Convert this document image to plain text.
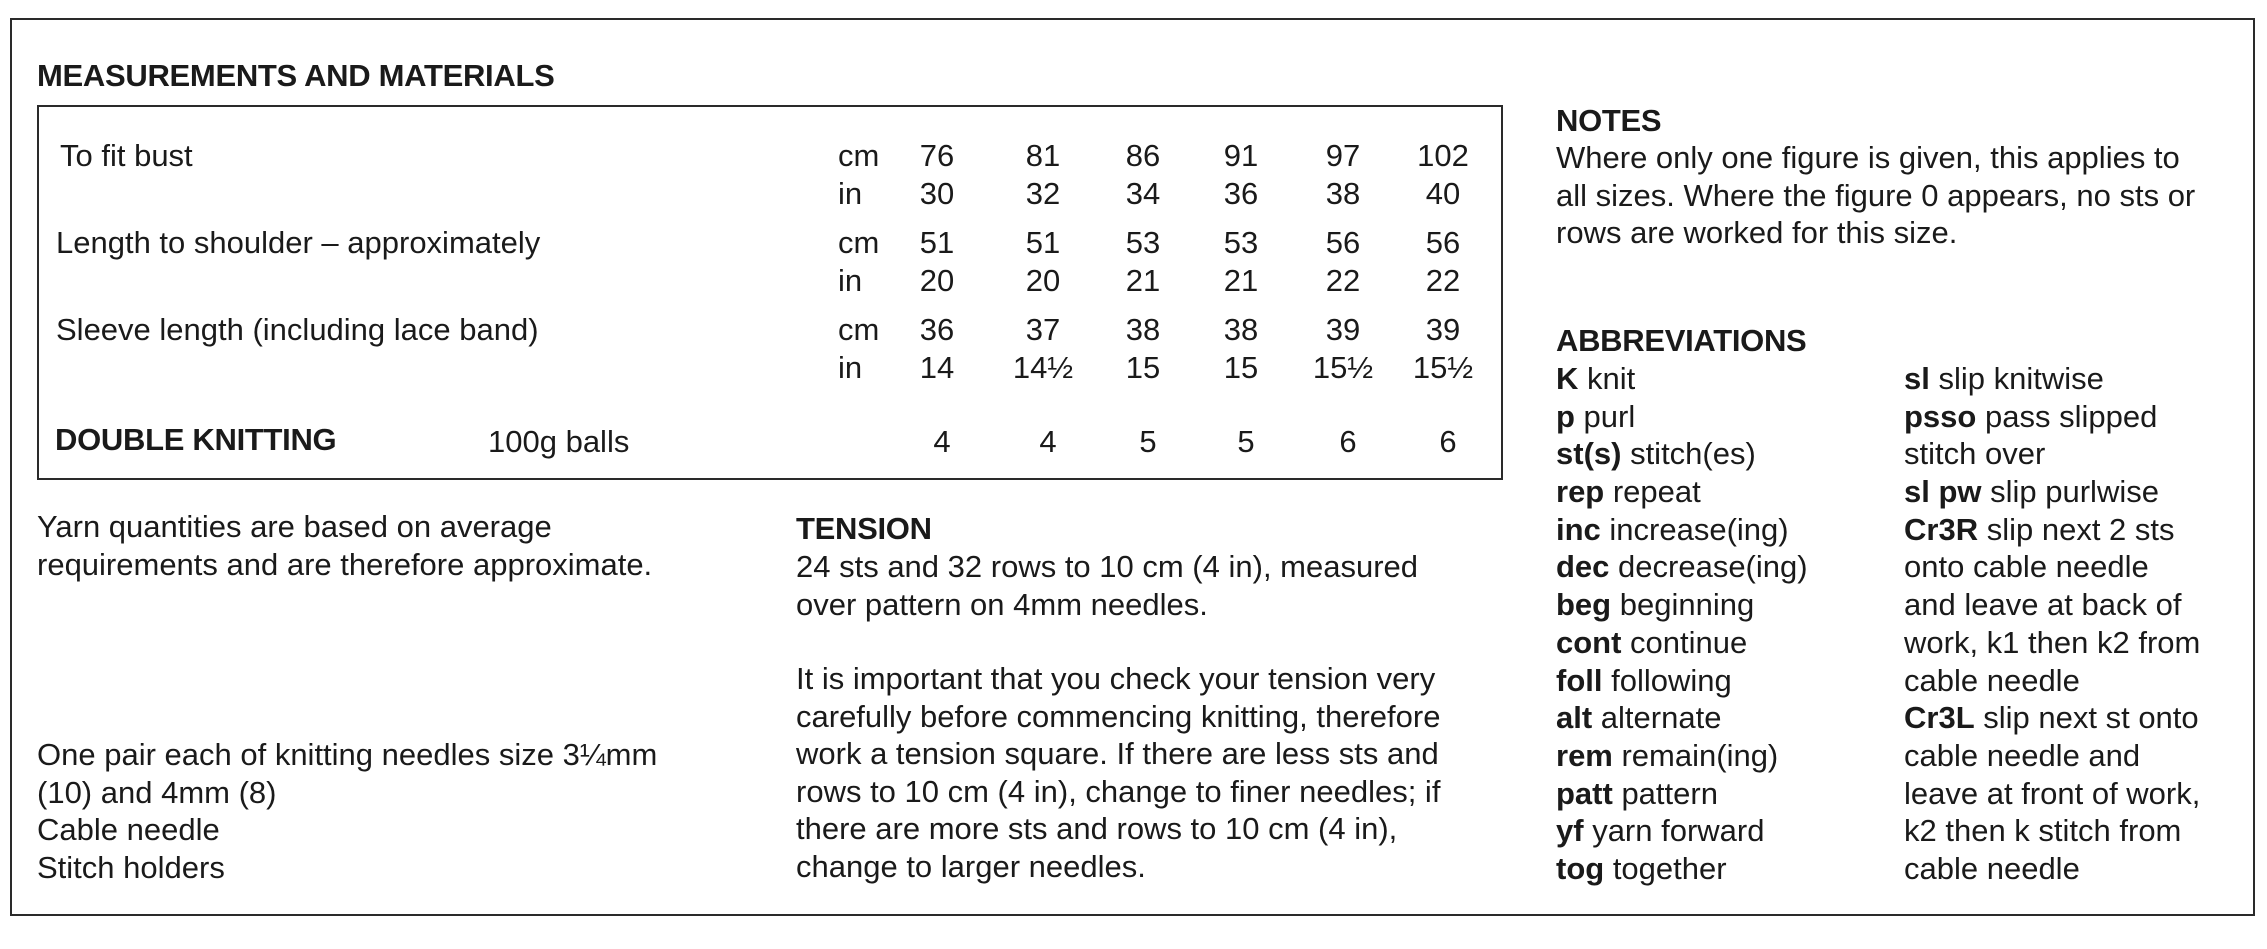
MEASUREMENTS AND MATERIALS
To fit bust	cm	76	81	86	91	97	102
in	30	32	34	36	38	40
Length to shoulder – approximately	cm	51	51	53	53	56	56
in	20	20	21	21	22	22
Sleeve length (including lace band)	cm	36	37	38	38	39	39
in	14	14½	15	15	15½	15½
DOUBLE KNITTING	100g balls	4	4	5	5	6	6
Yarn quantities are based on average
requirements and are therefore approximate.
One pair each of knitting needles size 3¼mm
(10) and 4mm (8)
Cable needle
Stitch holders
TENSION
24 sts and 32 rows to 10 cm (4 in), measured
over pattern on 4mm needles.
It is important that you check your tension very
carefully before commencing knitting, therefore
work a tension square. If there are less sts and
rows to 10 cm (4 in), change to finer needles; if
there are more sts and rows to 10 cm (4 in),
change to larger needles.
NOTES
Where only one figure is given, this applies to
all sizes. Where the figure 0 appears, no sts or
rows are worked for this size.
ABBREVIATIONS
K knit
p purl
st(s) stitch(es)
rep repeat
inc increase(ing)
dec decrease(ing)
beg beginning
cont continue
foll following
alt alternate
rem remain(ing)
patt pattern
yf yarn forward
tog together
sl slip knitwise
psso pass slipped
stitch over
sl pw slip purlwise
Cr3R slip next 2 sts
onto cable needle
and leave at back of
work, k1 then k2 from
cable needle
Cr3L slip next st onto
cable needle and
leave at front of work,
k2 then k stitch from
cable needle
